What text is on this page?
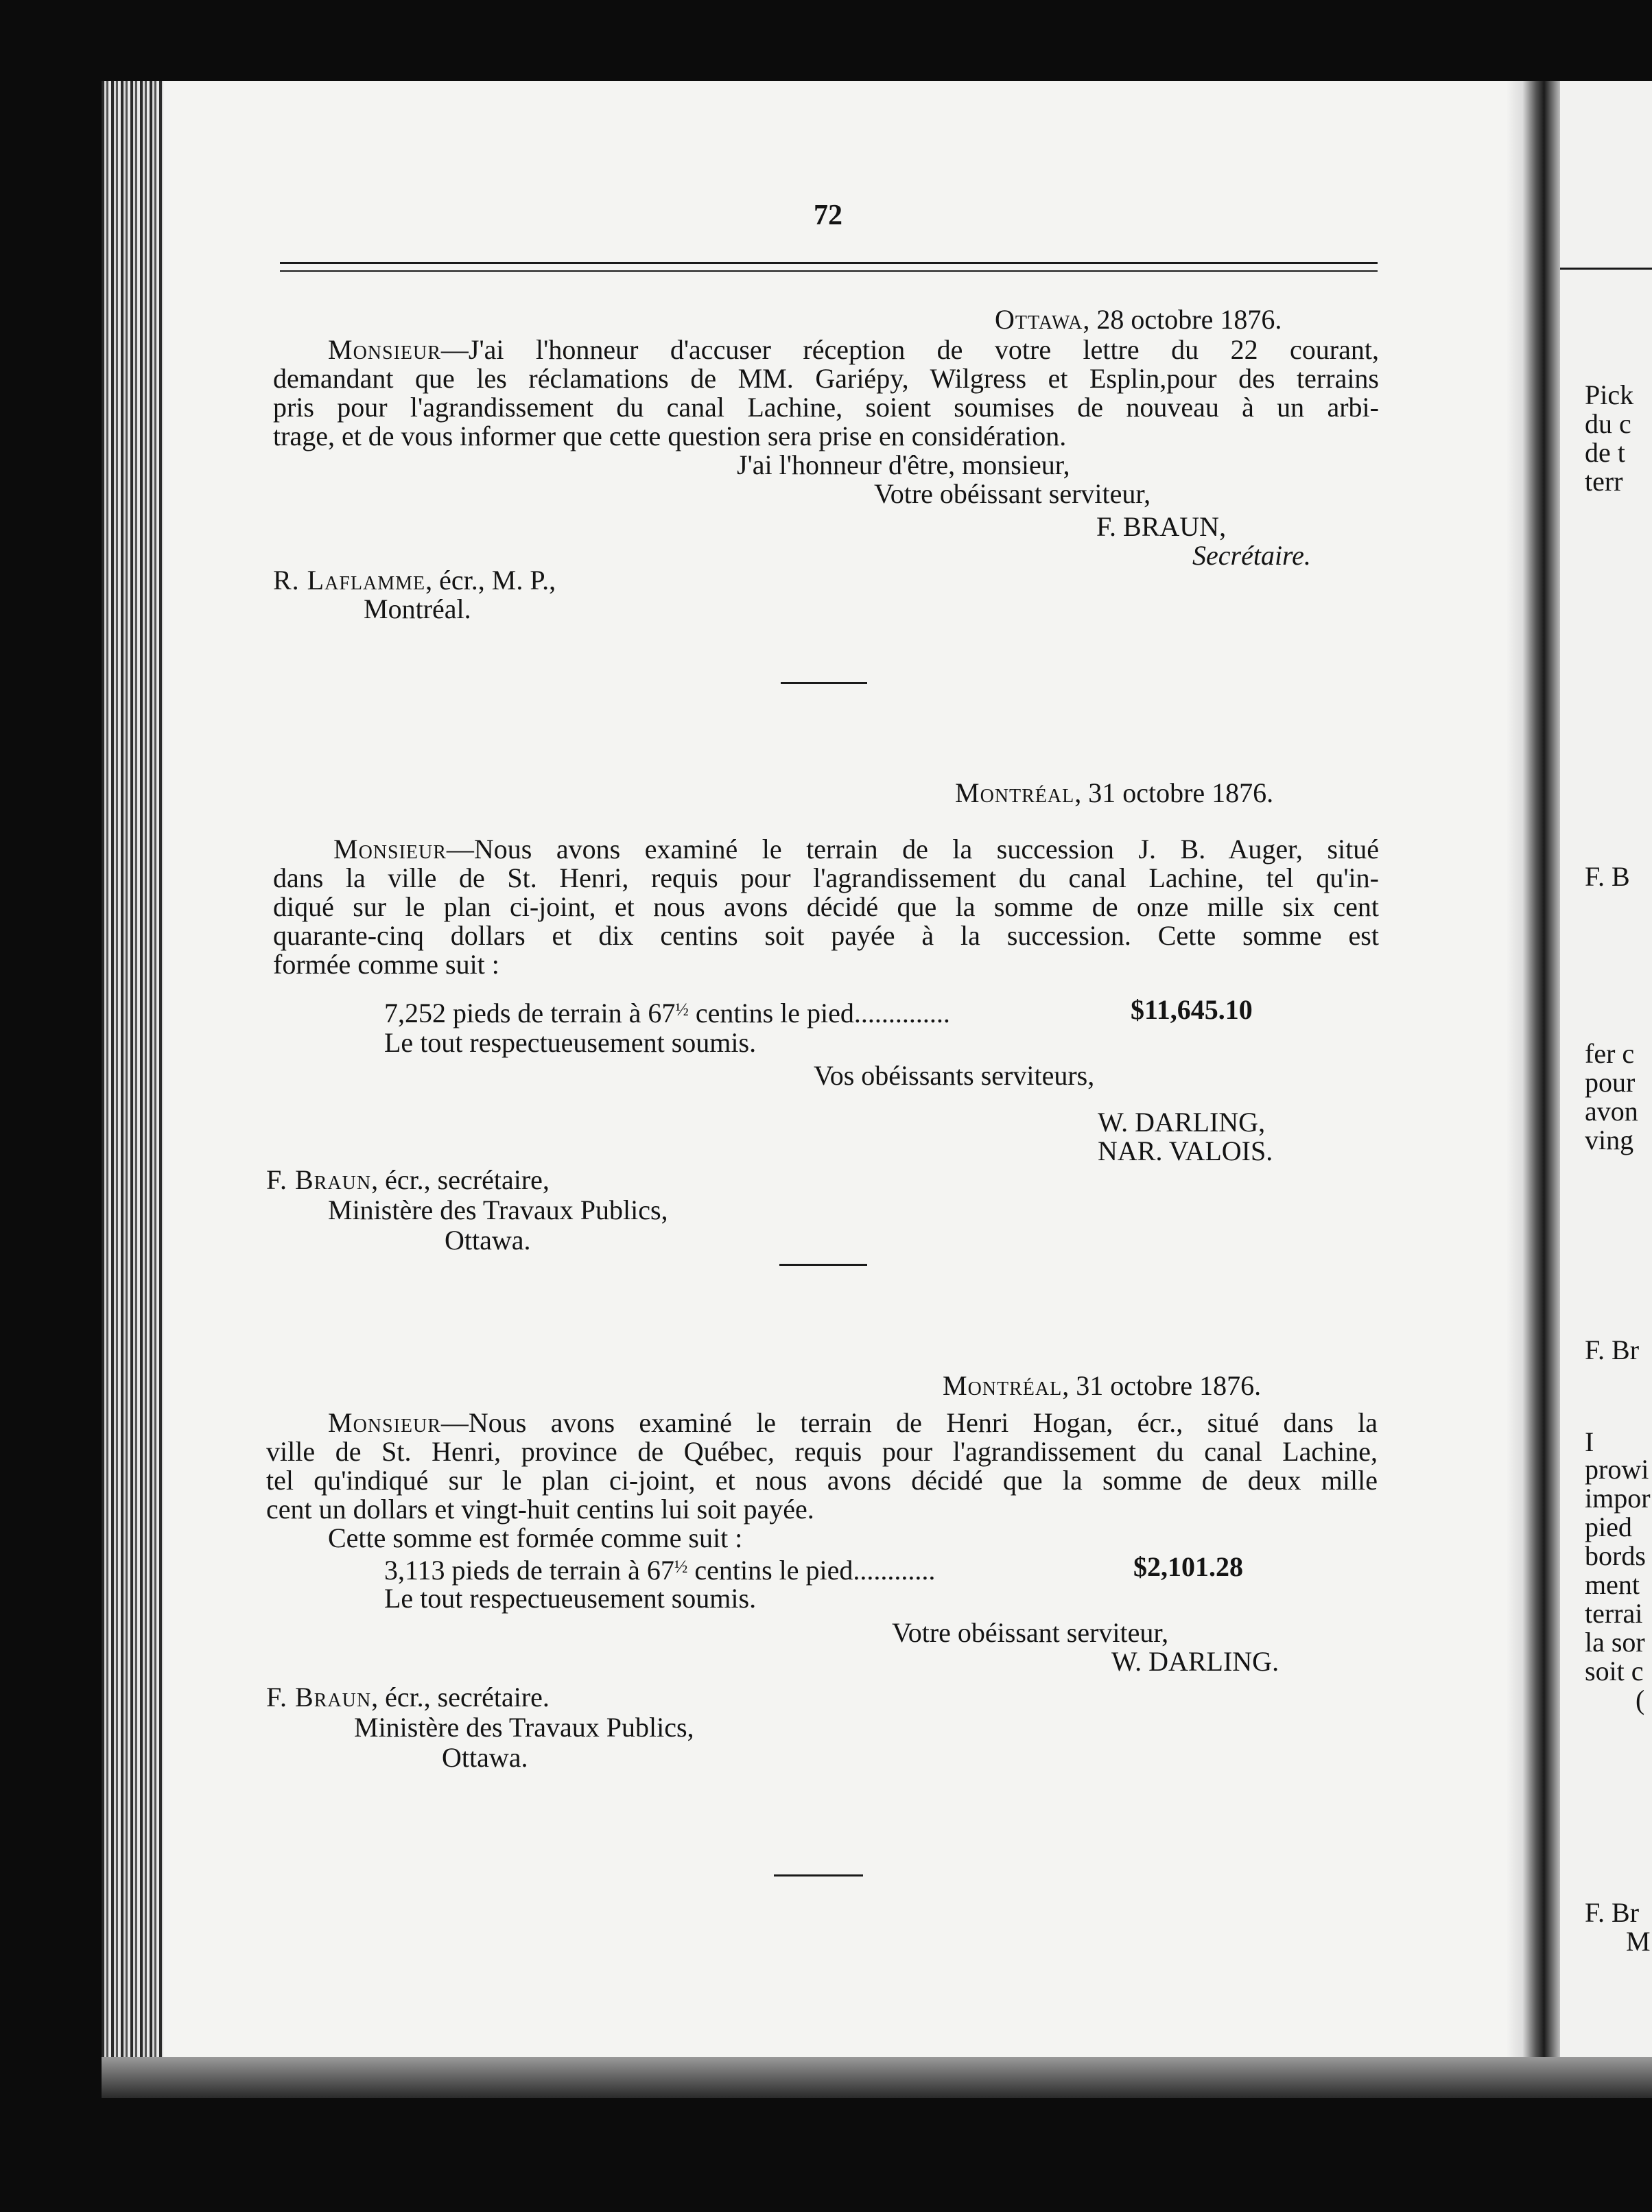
72

Ottawa, 28 octobre 1876.

Monsieur—J'ai l'honneur d'accuser réception de votre lettre du 22 courant,

demandant que les réclamations de MM. Gariépy, Wilgress et Esplin,pour des terrains

pris pour l'agrandissement du canal Lachine, soient soumises de nouveau à un arbi-

trage, et de vous informer que cette question sera prise en considération.

J'ai l'honneur d'être, monsieur,

Votre obéissant serviteur,

F. BRAUN,

Secrétaire.

R. Laflamme, écr., M. P.,

Montréal.

Montréal, 31 octobre 1876.

Monsieur—Nous avons examiné le terrain de la succession J. B. Auger, situé

dans la ville de St. Henri, requis pour l'agrandissement du canal Lachine, tel qu'in-

diqué sur le plan ci-joint, et nous avons décidé que la somme de onze mille six cent

quarante-cinq dollars et dix centins soit payée à la succession. Cette somme est

formée comme suit :

7,252 pieds de terrain à $67^{\frac{1}{2}}$ centins le pied..............	$11,645.10

Le tout respectueusement soumis.

Vos obéissants serviteurs,

W. DARLING,

NAR. VALOIS.

F. Braun, écr., secrétaire,

Ministère des Travaux Publics,

Ottawa.

Montréal, 31 octobre 1876.

Monsieur—Nous avons examiné le terrain de Henri Hogan, écr., situé dans la

ville de St. Henri, province de Québec, requis pour l'agrandissement du canal Lachine,

tel qu'indiqué sur le plan ci-joint, et nous avons décidé que la somme de deux mille

cent un dollars et vingt-huit centins lui soit payée.

Cette somme est formée comme suit :

3,113 pieds de terrain à $67^{\frac{1}{2}}$ centins le pied............	$2,101.28

Le tout respectueusement soumis.

Votre obéissant serviteur,

W. DARLING.

F. Braun, écr., secrétaire.

Ministère des Travaux Publics,

Ottawa.

Pick

du c

de t

terr

F. B

fer c

pour

avon

ving

F. Br

I

prowi

impor

pied

bords

ment

terrai

la sor

soit c

(

F. Br

M
